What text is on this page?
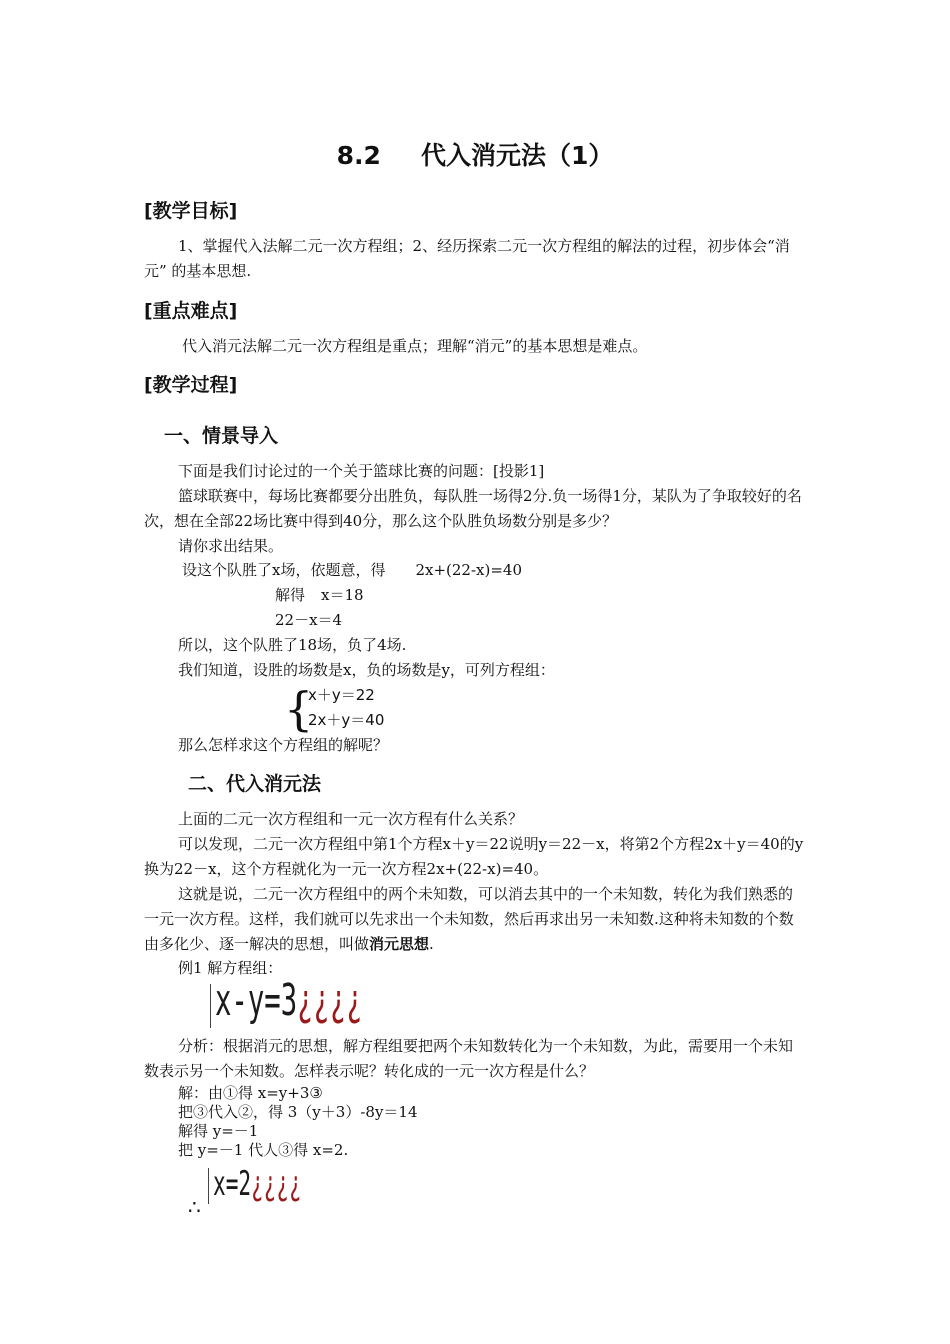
8.2 代入消元法（1）
[教学目标]
1、掌握代入法解二元一次方程组；2、经历探索二元一次方程组的解法的过程，初步体会“消元” 的基本思想.
[重点难点]
代入消元法解二元一次方程组是重点；理解“消元”的基本思想是难点。
[教学过程]
一、情景导入
下面是我们讨论过的一个关于篮球比赛的问题：[投影1]
篮球联赛中，每场比赛都要分出胜负，每队胜一场得2分.负一场得1分，某队为了争取较好的名次，想在全部22场比赛中得到40分，那么这个队胜负场数分别是多少？
请你求出结果。
设这个队胜了x场，依题意，得 2x+(22-x)=40
解得 x＝18
22－x＝4
所以，这个队胜了18场，负了4场.
我们知道，设胜的场数是x，负的场数是y，可列方程组：
{
x＋y＝22
2x＋y＝40
那么怎样求这个方程组的解呢？
二、代入消元法
上面的二元一次方程组和一元一次方程有什么关系？
可以发现，二元一次方程组中第1个方程x＋y＝22说明y＝22－x，将第2个方程2x＋y＝40的y换为22－x，这个方程就化为一元一次方程2x+(22-x)=40。
这就是说，二元一次方程组中的两个未知数，可以消去其中的一个未知数，转化为我们熟悉的一元一次方程。这样，我们就可以先求出一个未知数，然后再求出另一未知数.这种将未知数的个数由多化少、逐一解决的思想，叫做消元思想.
例1 解方程组：
x-y=3¿¿¿¿
分析：根据消元的思想，解方程组要把两个未知数转化为一个未知数，为此，需要用一个未知数表示另一个未知数。怎样表示呢？转化成的一元一次方程是什么？
解：由①得 x=y+3③
把③代入②，得 3（y＋3）-8y＝14
解得 y=－1
把 y=－1 代人③得 x=2.
x=2¿¿¿¿
∴
